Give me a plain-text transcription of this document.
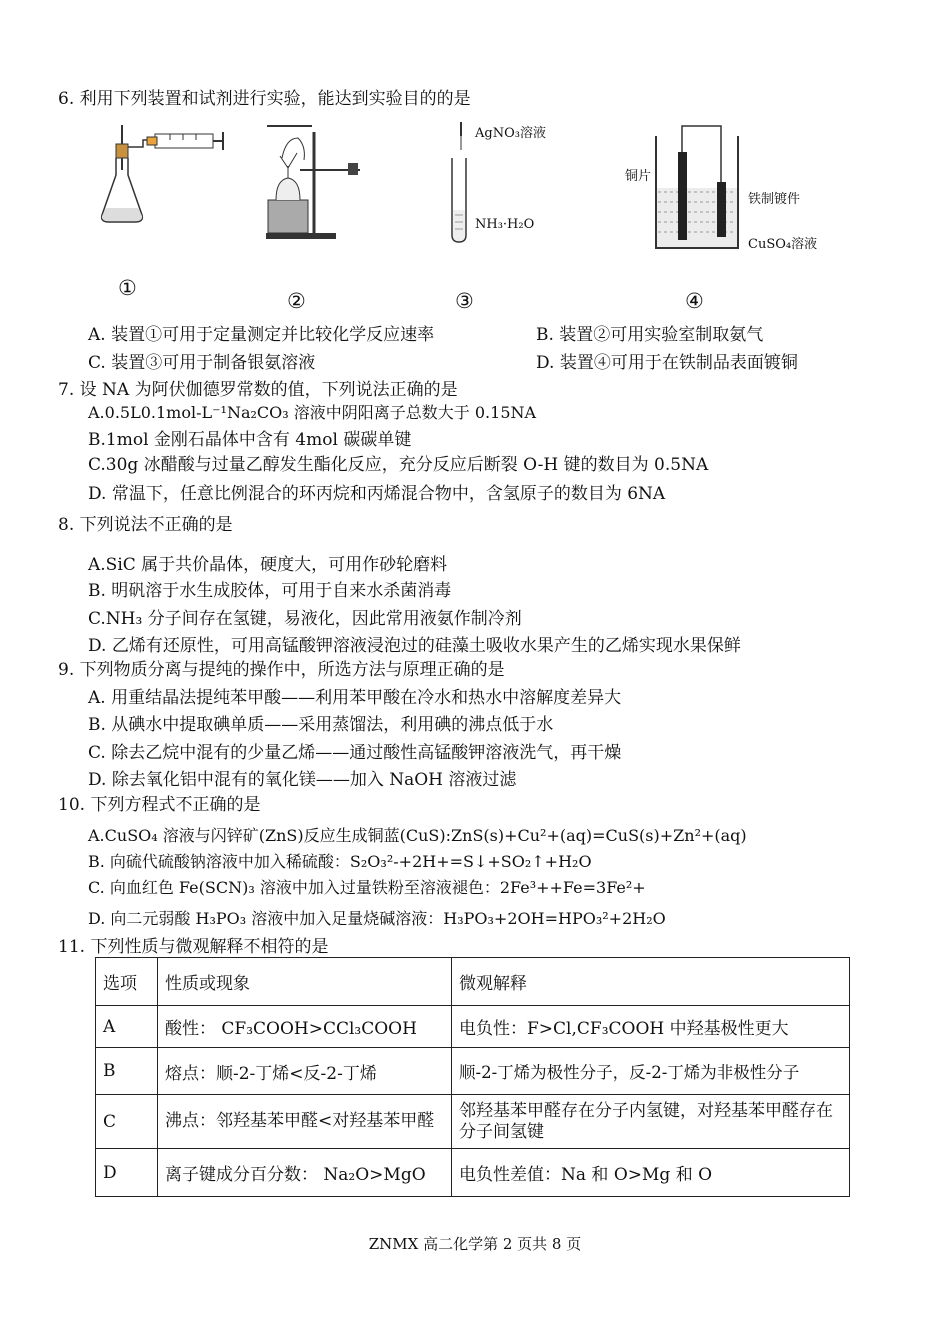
6. 利用下列装置和试剂进行实验，能达到实验目的的是
①
②
AgNO₃溶液
NH₃·H₂O
③
铜片
铁制镀件
CuSO₄溶液
④
A. 装置①可用于定量测定并比较化学反应速率	B. 装置②可用实验室制取氨气
C. 装置③可用于制备银氨溶液	D. 装置④可用于在铁制品表面镀铜
7. 设 NA 为阿伏伽德罗常数的值，下列说法正确的是
A.0.5L0.1mol-L⁻¹Na₂CO₃ 溶液中阴阳离子总数大于 0.15NA
B.1mol 金刚石晶体中含有 4mol 碳碳单键
C.30g 冰醋酸与过量乙醇发生酯化反应，充分反应后断裂 O-H 键的数目为 0.5NA
D. 常温下，任意比例混合的环丙烷和丙烯混合物中，含氢原子的数目为 6NA
8. 下列说法不正确的是
A.SiC 属于共价晶体，硬度大，可用作砂轮磨料
B. 明矾溶于水生成胶体，可用于自来水杀菌消毒
C.NH₃ 分子间存在氢键，易液化，因此常用液氨作制冷剂
D. 乙烯有还原性，可用高锰酸钾溶液浸泡过的硅藻土吸收水果产生的乙烯实现水果保鲜
9. 下列物质分离与提纯的操作中，所选方法与原理正确的是
A. 用重结晶法提纯苯甲酸——利用苯甲酸在冷水和热水中溶解度差异大
B. 从碘水中提取碘单质——采用蒸馏法，利用碘的沸点低于水
C. 除去乙烷中混有的少量乙烯——通过酸性高锰酸钾溶液洗气，再干燥
D. 除去氧化铝中混有的氧化镁——加入 NaOH 溶液过滤
10. 下列方程式不正确的是
A.CuSO₄ 溶液与闪锌矿(ZnS)反应生成铜蓝(CuS):ZnS(s)+Cu²+(aq)=CuS(s)+Zn²+(aq)
B. 向硫代硫酸钠溶液中加入稀硫酸：S₂O₃²-+2H+=S↓+SO₂↑+H₂O
C. 向血红色 Fe(SCN)₃ 溶液中加入过量铁粉至溶液褪色：2Fe³++Fe=3Fe²+
D. 向二元弱酸 H₃PO₃ 溶液中加入足量烧碱溶液：H₃PO₃+2OH=HPO₃²+2H₂O
11. 下列性质与微观解释不相符的是
选项	性质或现象	微观解释
A	酸性： CF₃COOH>CCl₃COOH	电负性：F>Cl,CF₃COOH 中羟基极性更大
B	熔点：顺-2-丁烯<反-2-丁烯	顺-2-丁烯为极性分子，反-2-丁烯为非极性分子
C	沸点：邻羟基苯甲醛<对羟基苯甲醛	邻羟基苯甲醛存在分子内氢键，对羟基苯甲醛存在分子间氢键
D	离子键成分百分数： Na₂O>MgO	电负性差值：Na 和 O>Mg 和 O
ZNMX 高二化学第 2 页共 8 页
